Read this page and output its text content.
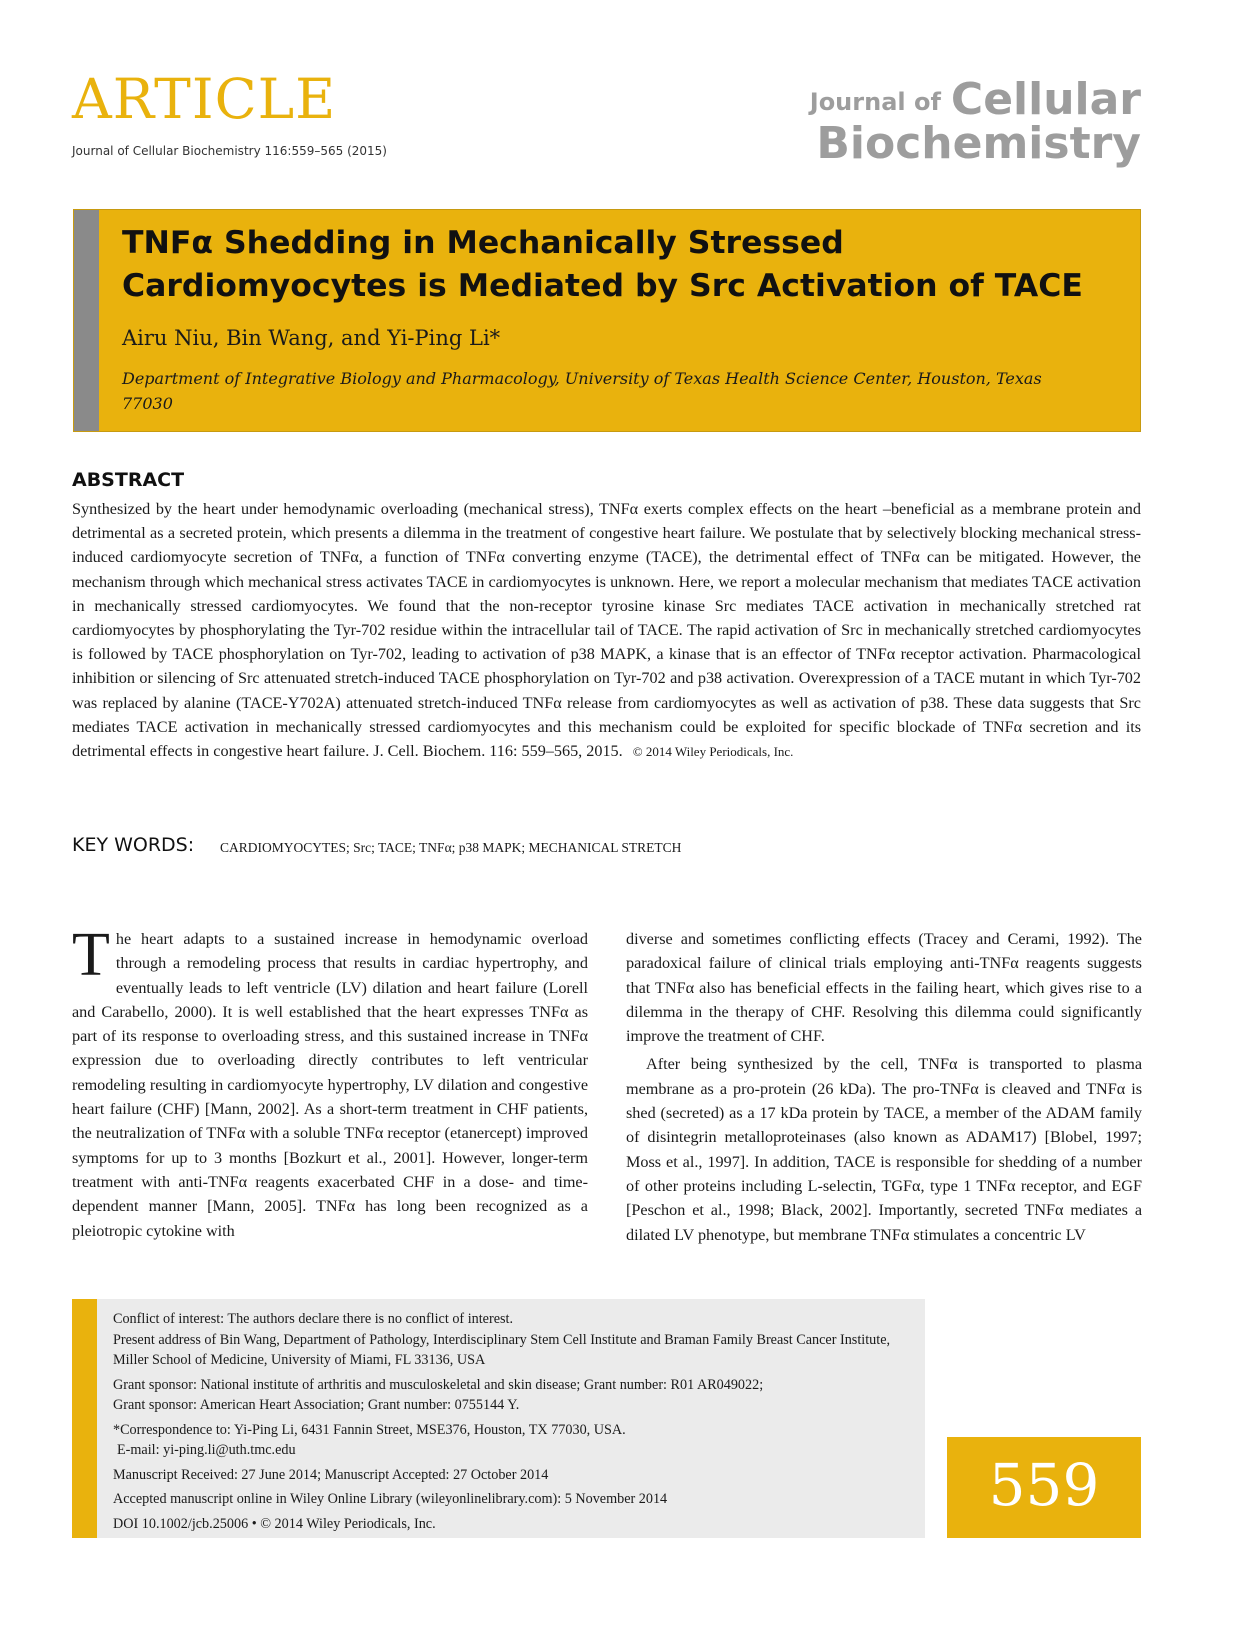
ARTICLE
Journal of Cellular Biochemistry 116:559–565 (2015)
Journal of Cellular
Biochemistry
TNFα Shedding in Mechanically Stressed Cardiomyocytes is Mediated by Src Activation of TACE
Airu Niu, Bin Wang, and Yi-Ping Li*
Department of Integrative Biology and Pharmacology, University of Texas Health Science Center, Houston, Texas 77030
ABSTRACT
Synthesized by the heart under hemodynamic overloading (mechanical stress), TNFα exerts complex effects on the heart –beneficial as a membrane protein and detrimental as a secreted protein, which presents a dilemma in the treatment of congestive heart failure. We postulate that by selectively blocking mechanical stress-induced cardiomyocyte secretion of TNFα, a function of TNFα converting enzyme (TACE), the detrimental effect of TNFα can be mitigated. However, the mechanism through which mechanical stress activates TACE in cardiomyocytes is unknown. Here, we report a molecular mechanism that mediates TACE activation in mechanically stressed cardiomyocytes. We found that the non-receptor tyrosine kinase Src mediates TACE activation in mechanically stretched rat cardiomyocytes by phosphorylating the Tyr-702 residue within the intracellular tail of TACE. The rapid activation of Src in mechanically stretched cardiomyocytes is followed by TACE phosphorylation on Tyr-702, leading to activation of p38 MAPK, a kinase that is an effector of TNFα receptor activation. Pharmacological inhibition or silencing of Src attenuated stretch-induced TACE phosphorylation on Tyr-702 and p38 activation. Overexpression of a TACE mutant in which Tyr-702 was replaced by alanine (TACE-Y702A) attenuated stretch-induced TNFα release from cardiomyocytes as well as activation of p38. These data suggests that Src mediates TACE activation in mechanically stressed cardiomyocytes and this mechanism could be exploited for specific blockade of TNFα secretion and its detrimental effects in congestive heart failure. J. Cell. Biochem. 116: 559–565, 2015. © 2014 Wiley Periodicals, Inc.
KEY WORDS: CARDIOMYOCYTES; Src; TACE; TNFα; p38 MAPK; MECHANICAL STRETCH

The heart adapts to a sustained increase in hemodynamic overload through a remodeling process that results in cardiac hypertrophy, and eventually leads to left ventricle (LV) dilation and heart failure (Lorell and Carabello, 2000). It is well established that the heart expresses TNFα as part of its response to overloading stress, and this sustained increase in TNFα expression due to overloading directly contributes to left ventricular remodeling resulting in cardiomyocyte hypertrophy, LV dilation and congestive heart failure (CHF) [Mann, 2002]. As a short-term treatment in CHF patients, the neutralization of TNFα with a soluble TNFα receptor (etanercept) improved symptoms for up to 3 months [Bozkurt et al., 2001]. However, longer-term treatment with anti-TNFα reagents exacerbated CHF in a dose- and time-dependent manner [Mann, 2005]. TNFα has long been recognized as a pleiotropic cytokine with

diverse and sometimes conflicting effects (Tracey and Cerami, 1992). The paradoxical failure of clinical trials employing anti-TNFα reagents suggests that TNFα also has beneficial effects in the failing heart, which gives rise to a dilemma in the therapy of CHF. Resolving this dilemma could significantly improve the treatment of CHF.

After being synthesized by the cell, TNFα is transported to plasma membrane as a pro-protein (26 kDa). The pro-TNFα is cleaved and TNFα is shed (secreted) as a 17 kDa protein by TACE, a member of the ADAM family of disintegrin metalloproteinases (also known as ADAM17) [Blobel, 1997; Moss et al., 1997]. In addition, TACE is responsible for shedding of a number of other proteins including L-selectin, TGFα, type 1 TNFα receptor, and EGF [Peschon et al., 1998; Black, 2002]. Importantly, secreted TNFα mediates a dilated LV phenotype, but membrane TNFα stimulates a concentric LV

Conflict of interest: The authors declare there is no conflict of interest.
Present address of Bin Wang, Department of Pathology, Interdisciplinary Stem Cell Institute and Braman Family Breast Cancer Institute, Miller School of Medicine, University of Miami, FL 33136, USA
Grant sponsor: National institute of arthritis and musculoskeletal and skin disease; Grant number: R01 AR049022;
Grant sponsor: American Heart Association; Grant number: 0755144 Y.
*Correspondence to: Yi-Ping Li, 6431 Fannin Street, MSE376, Houston, TX 77030, USA.
E-mail: yi-ping.li@uth.tmc.edu
Manuscript Received: 27 June 2014; Manuscript Accepted: 27 October 2014
Accepted manuscript online in Wiley Online Library (wileyonlinelibrary.com): 5 November 2014
DOI 10.1002/jcb.25006 • © 2014 Wiley Periodicals, Inc.
559
